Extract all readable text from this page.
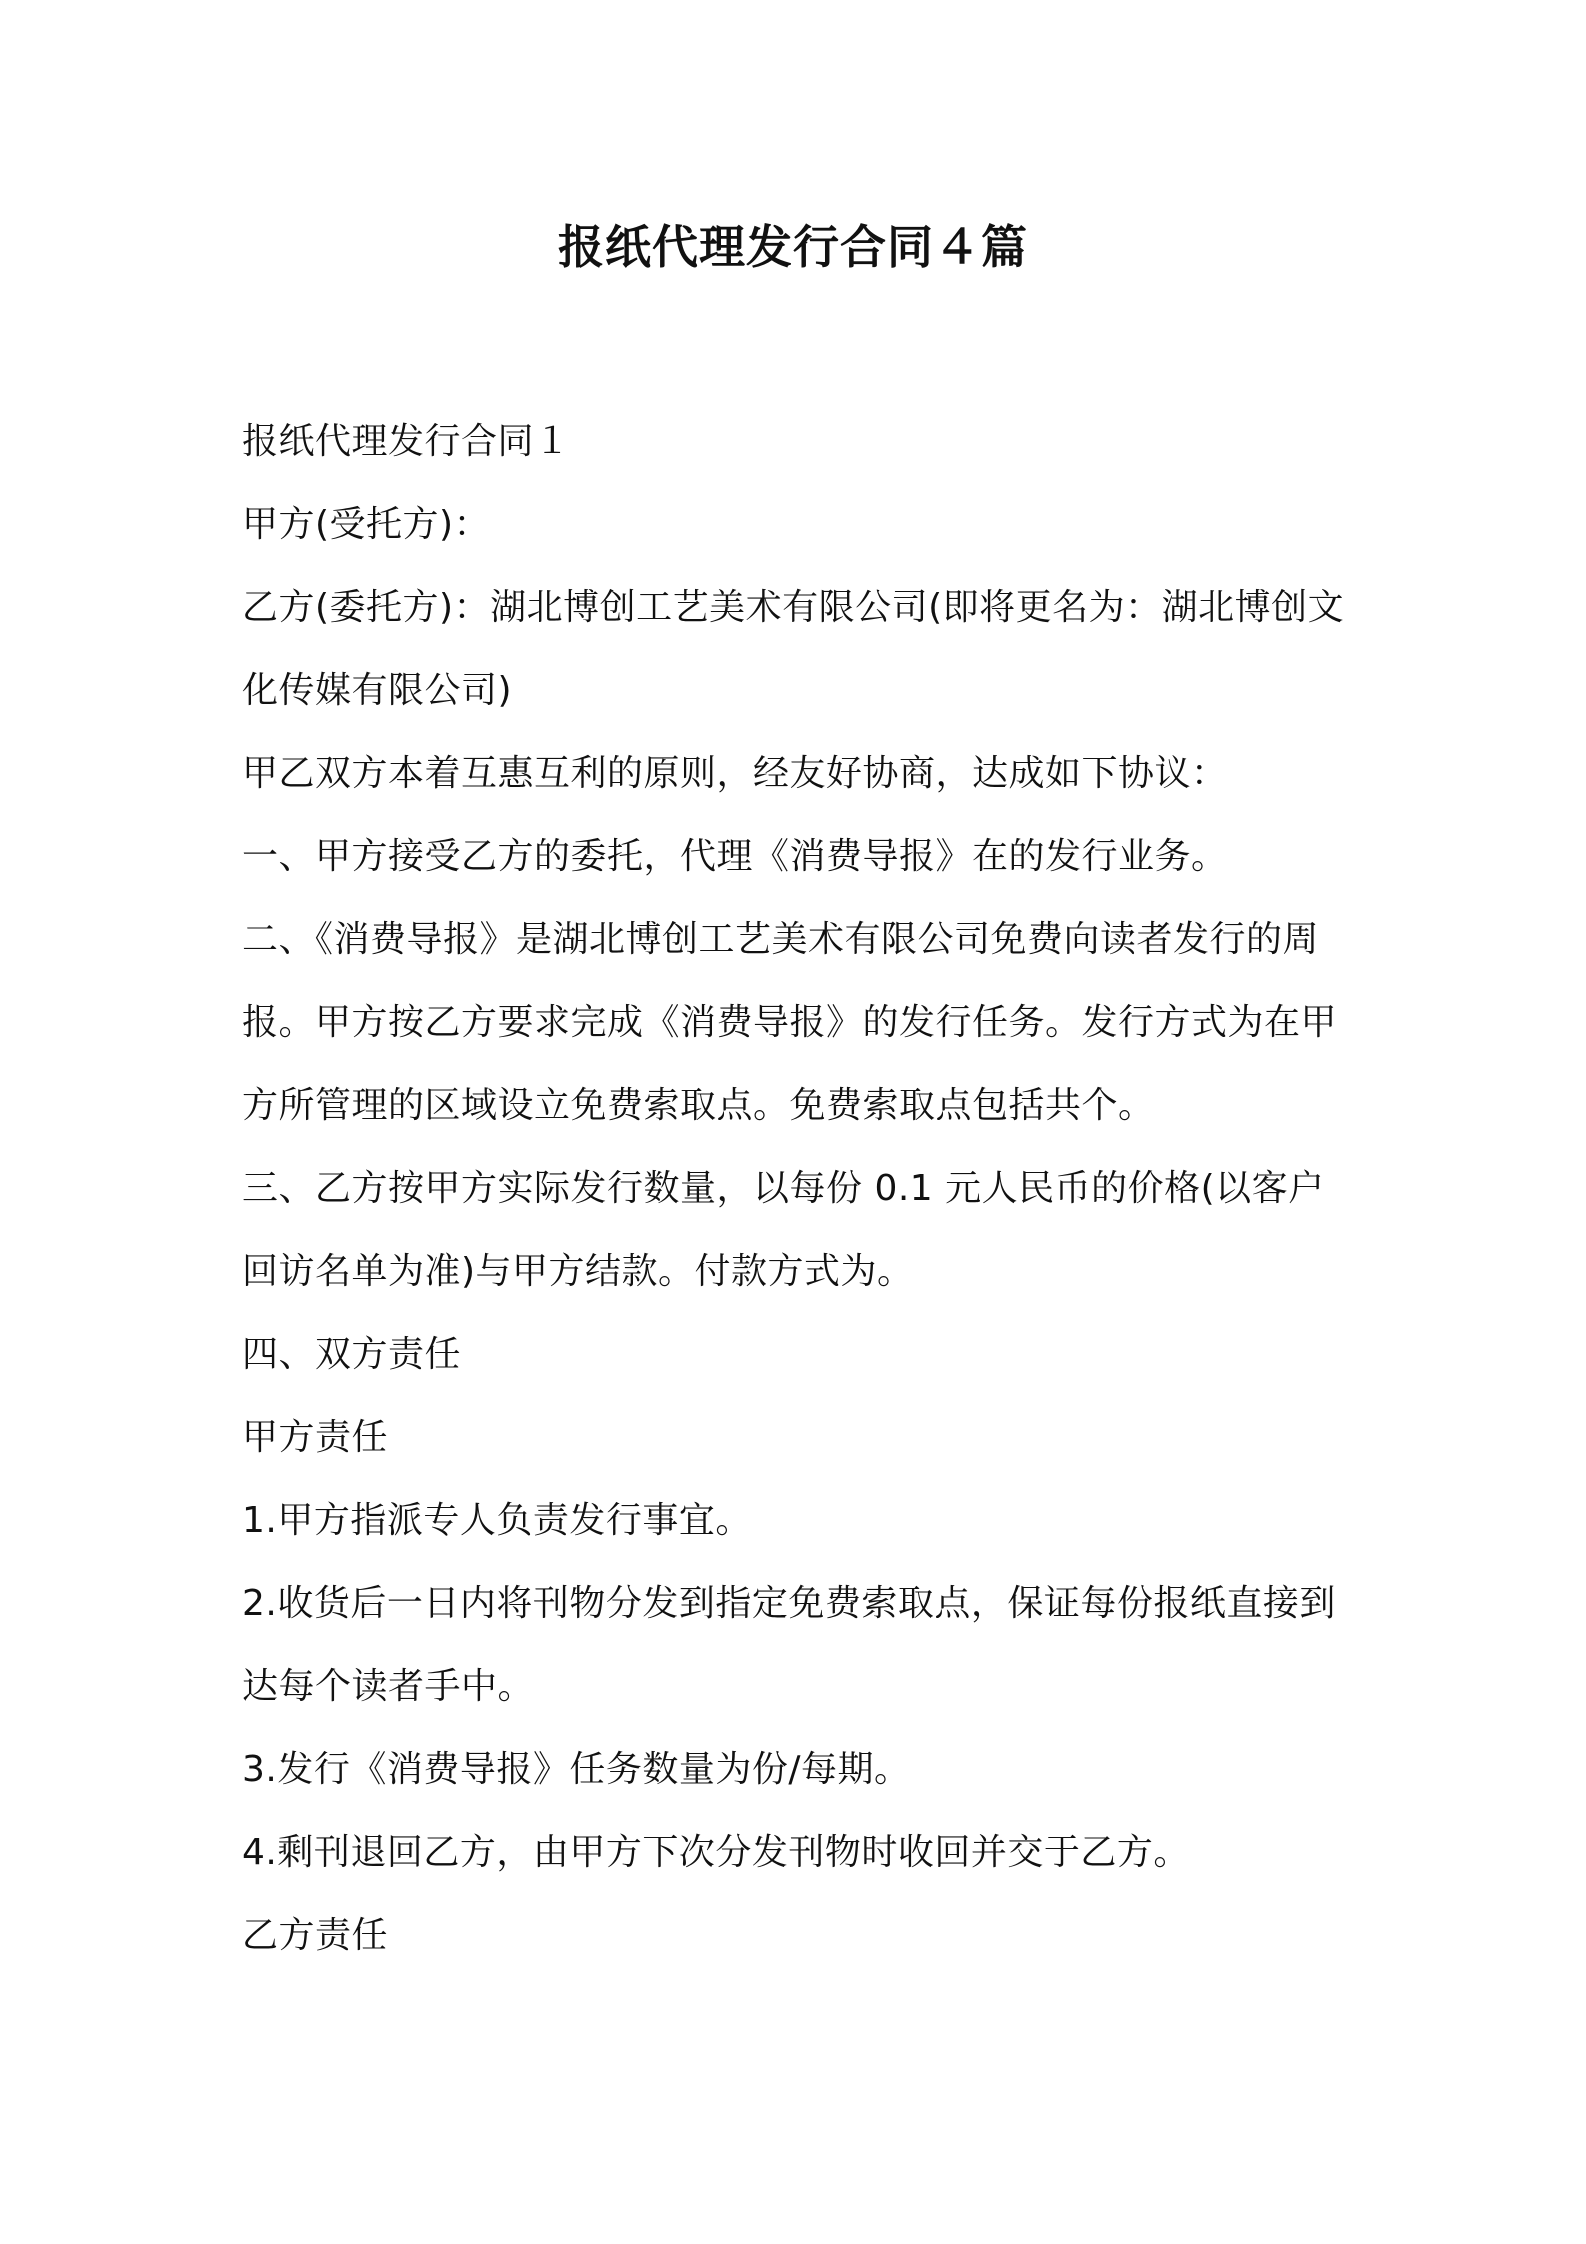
报纸代理发行合同４篇
报纸代理发行合同１
甲方(受托方)：
乙方(委托方)：湖北博创工艺美术有限公司(即将更名为：湖北博创文
化传媒有限公司)
甲乙双方本着互惠互利的原则，经友好协商，达成如下协议：
一、甲方接受乙方的委托，代理《消费导报》在的发行业务。
二、《消费导报》是湖北博创工艺美术有限公司免费向读者发行的周
报。甲方按乙方要求完成《消费导报》的发行任务。发行方式为在甲
方所管理的区域设立免费索取点。免费索取点包括共个。
三、乙方按甲方实际发行数量，以每份 0.1 元人民币的价格(以客户
回访名单为准)与甲方结款。付款方式为。
四、双方责任
甲方责任
1.甲方指派专人负责发行事宜。
2.收货后一日内将刊物分发到指定免费索取点，保证每份报纸直接到
达每个读者手中。
3.发行《消费导报》任务数量为份/每期。
4.剩刊退回乙方，由甲方下次分发刊物时收回并交于乙方。
乙方责任
